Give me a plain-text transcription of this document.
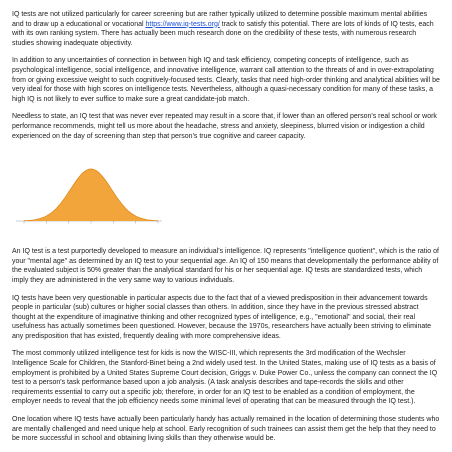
IQ tests are not utilized particularly for career screening but are rather typically utilized to determine possible maximum mental abilities and to draw up a educational or vocational https://www.iq-tests.org/ track to satisfy this potential. There are lots of kinds of IQ tests, each with its own ranking system. There has actually been much research done on the credibility of these tests, with numerous research studies showing inadequate objectivity.

In addition to any uncertainties of connection in between high IQ and task efficiency, competing concepts of intelligence, such as psychological intelligence, social intelligence, and innovative intelligence, warrant call attention to the threats of and in over-extrapolating from or giving excessive weight to such cognitively-focused tests. Clearly, tasks that need high-order thinking and analytical abilities will be very ideal for those with high scores on intelligence tests. Nevertheless, although a quasi-necessary condition for many of these tasks, a high IQ is not likely to ever suffice to make sure a great candidate-job match.

Needless to state, an IQ test that was never ever repeated may result in a score that, if lower than an offered person's real school or work performance recommends, might tell us more about the headache, stress and anxiety, sleepiness, blurred vision or indigestion a child experienced on the day of screening than step that person's true cognitive and career capacity.

An IQ test is a test purportedly developed to measure an individual's intelligence. IQ represents "intelligence quotient", which is the ratio of your "mental age" as determined by an IQ test to your sequential age. An IQ of 150 means that developmentally the performance ability of the evaluated subject is 50% greater than the analytical standard for his or her sequential age. IQ tests are standardized tests, which imply they are administered in the very same way to various individuals.

IQ tests have been very questionable in particular aspects due to the fact that of a viewed predisposition in their advancement towards people in particular (sub) cultures or higher social classes than others. In addition, since they have in the previous stressed abstract thought at the expenditure of imaginative thinking and other recognized types of intelligence, e.g., "emotional" and social, their real usefulness has actually sometimes been questioned. However, because the 1970s, researchers have actually been striving to eliminate any predisposition that has existed, frequently dealing with more comprehensive ideas.

The most commonly utilized intelligence test for kids is now the WISC-III, which represents the 3rd modification of the Wechsler Intelligence Scale for Children, the Stanford-Binet being a 2nd widely used test. In the United States, making use of IQ tests as a basis of employment is prohibited by a United States Supreme Court decision, Griggs v. Duke Power Co., unless the company can connect the IQ test to a person's task performance based upon a job analysis. (A task analysis describes and tape-records the skills and other requirements essential to carry out a specific job; therefore, in order for an IQ test to be enabled as a condition of employment, the employer needs to reveal that the job efficiency needs some minimal level of operating that can be measured through the IQ test.).

One location where IQ tests have actually been particularly handy has actually remained in the location of determining those students who are mentally challenged and need unique help at school. Early recognition of such trainees can assist them get the help that they need to be more successful in school and obtaining living skills than they otherwise would be.
